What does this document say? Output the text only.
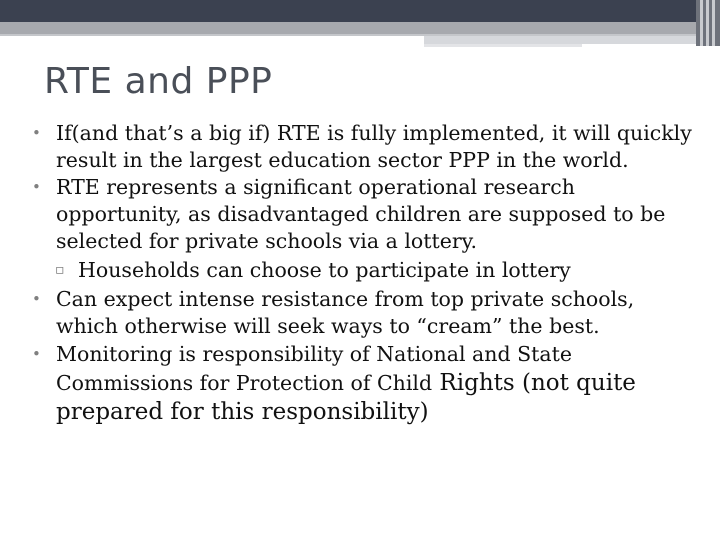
RTE and PPP

• If(and that’s a big if) RTE is fully implemented, it will quickly result in the largest education sector PPP in the world.

• RTE represents a significant operational research opportunity, as disadvantaged children are supposed to be selected for private schools via a lottery.

▫ Households can choose to participate in lottery

• Can expect intense resistance from top private schools, which otherwise will seek ways to “cream” the best.

• Monitoring is responsibility of National and State Commissions for Protection of Child Rights (not quite prepared for this responsibility)
